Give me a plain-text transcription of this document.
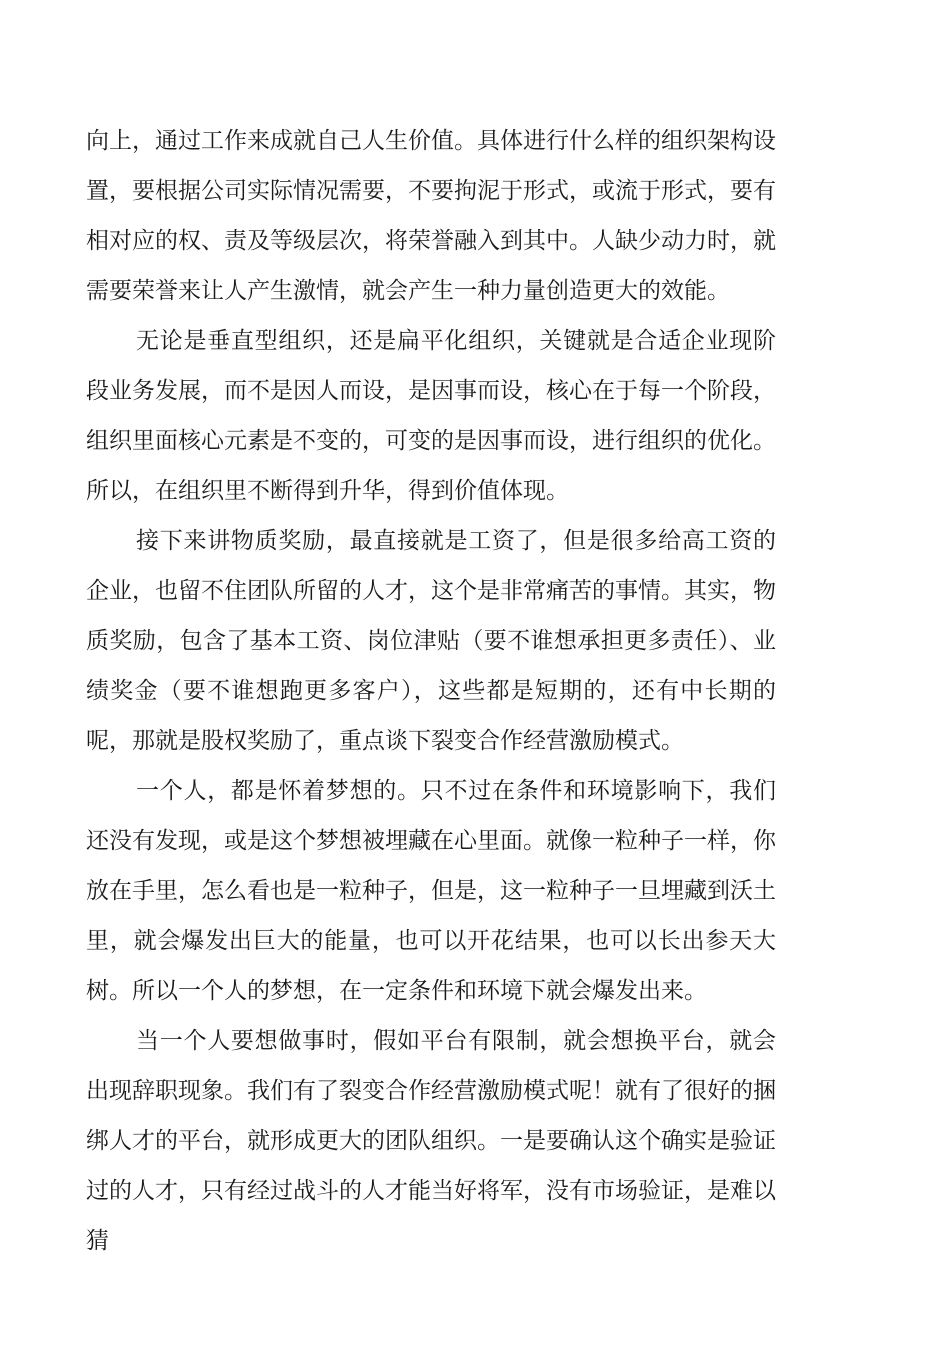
向上，通过工作来成就自己人生价值。具体进行什么样的组织架构设置，要根据公司实际情况需要，不要拘泥于形式，或流于形式，要有相对应的权、责及等级层次，将荣誉融入到其中。人缺少动力时，就需要荣誉来让人产生激情，就会产生一种力量创造更大的效能。

无论是垂直型组织，还是扁平化组织，关键就是合适企业现阶段业务发展，而不是因人而设，是因事而设，核心在于每一个阶段，组织里面核心元素是不变的，可变的是因事而设，进行组织的优化。所以，在组织里不断得到升华，得到价值体现。

接下来讲物质奖励，最直接就是工资了，但是很多给高工资的企业，也留不住团队所留的人才，这个是非常痛苦的事情。其实，物质奖励，包含了基本工资、岗位津贴（要不谁想承担更多责任）、业绩奖金（要不谁想跑更多客户），这些都是短期的，还有中长期的呢，那就是股权奖励了，重点谈下裂变合作经营激励模式。

一个人，都是怀着梦想的。只不过在条件和环境影响下，我们还没有发现，或是这个梦想被埋藏在心里面。就像一粒种子一样，你放在手里，怎么看也是一粒种子，但是，这一粒种子一旦埋藏到沃土里，就会爆发出巨大的能量，也可以开花结果，也可以长出参天大树。所以一个人的梦想，在一定条件和环境下就会爆发出来。

当一个人要想做事时，假如平台有限制，就会想换平台，就会出现辞职现象。我们有了裂变合作经营激励模式呢！就有了很好的捆绑人才的平台，就形成更大的团队组织。一是要确认这个确实是验证过的人才，只有经过战斗的人才能当好将军，没有市场验证，是难以猜
